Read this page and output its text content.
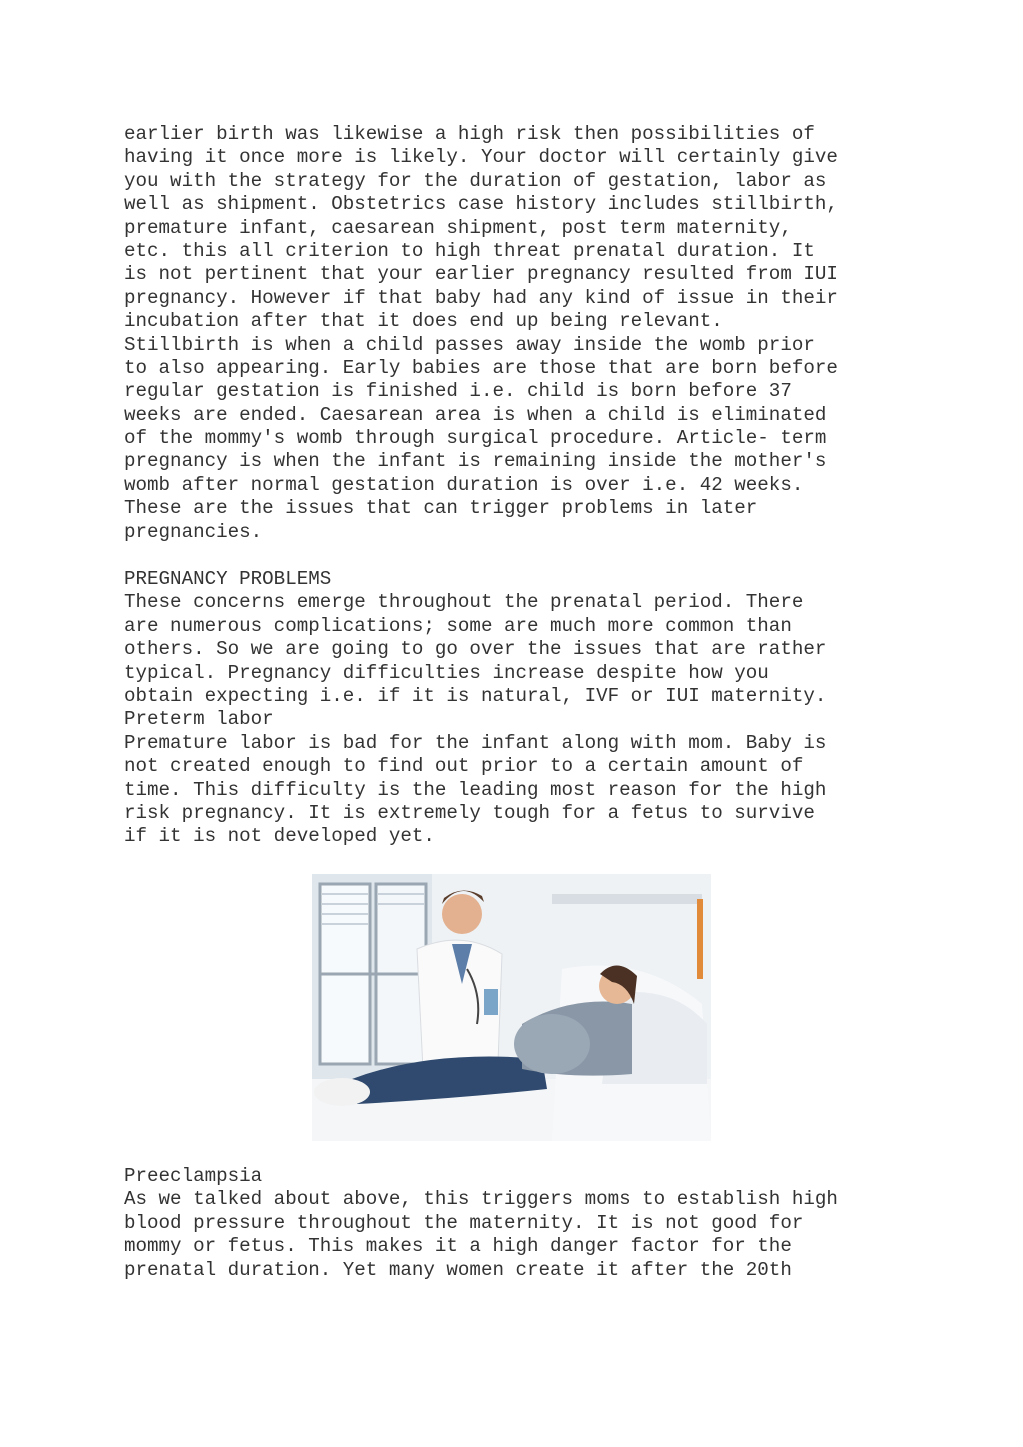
earlier birth was likewise a high risk then possibilities of
having it once more is likely. Your doctor will certainly give
you with the strategy for the duration of gestation, labor as
well as shipment. Obstetrics case history includes stillbirth,
premature infant, caesarean shipment, post term maternity,
etc. this all criterion to high threat prenatal duration. It
is not pertinent that your earlier pregnancy resulted from IUI
pregnancy. However if that baby had any kind of issue in their
incubation after that it does end up being relevant.
Stillbirth is when a child passes away inside the womb prior
to also appearing. Early babies are those that are born before
regular gestation is finished i.e. child is born before 37
weeks are ended. Caesarean area is when a child is eliminated
of the mommy's womb through surgical procedure. Article- term
pregnancy is when the infant is remaining inside the mother's
womb after normal gestation duration is over i.e. 42 weeks.
These are the issues that can trigger problems in later
pregnancies.
PREGNANCY PROBLEMS
These concerns emerge throughout the prenatal period. There
are numerous complications; some are much more common than
others. So we are going to go over the issues that are rather
typical. Pregnancy difficulties increase despite how you
obtain expecting i.e. if it is natural, IVF or IUI maternity.
Preterm labor
Premature labor is bad for the infant along with mom. Baby is
not created enough to find out prior to a certain amount of
time. This difficulty is the leading most reason for the high
risk pregnancy. It is extremely tough for a fetus to survive
if it is not developed yet.
Preeclampsia
As we talked about above, this triggers moms to establish high
blood pressure throughout the maternity. It is not good for
mommy or fetus. This makes it a high danger factor for the
prenatal duration. Yet many women create it after the 20th
